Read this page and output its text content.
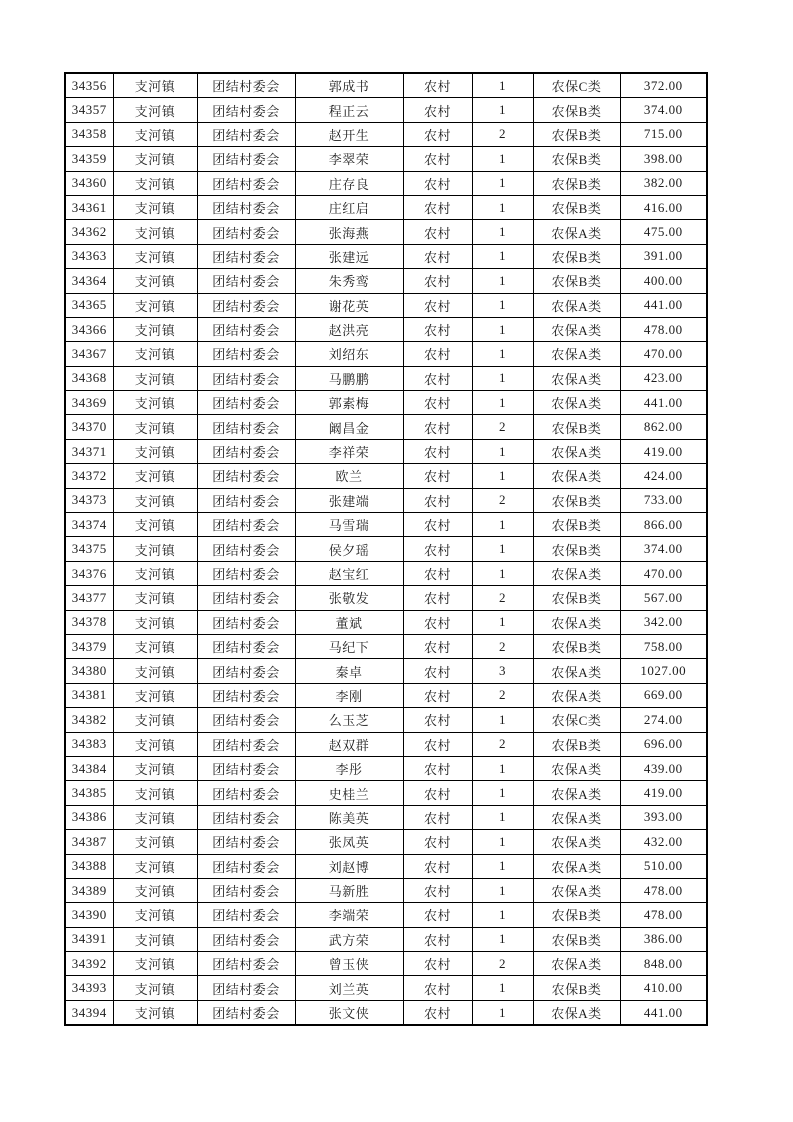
34356	支河镇	团结村委会	郭成书	农村	1	农保C类	372.00
34357	支河镇	团结村委会	程正云	农村	1	农保B类	374.00
34358	支河镇	团结村委会	赵开生	农村	2	农保B类	715.00
34359	支河镇	团结村委会	李翠荣	农村	1	农保B类	398.00
34360	支河镇	团结村委会	庄存良	农村	1	农保B类	382.00
34361	支河镇	团结村委会	庄红启	农村	1	农保B类	416.00
34362	支河镇	团结村委会	张海燕	农村	1	农保A类	475.00
34363	支河镇	团结村委会	张建远	农村	1	农保B类	391.00
34364	支河镇	团结村委会	朱秀鸾	农村	1	农保B类	400.00
34365	支河镇	团结村委会	谢花英	农村	1	农保A类	441.00
34366	支河镇	团结村委会	赵洪亮	农村	1	农保A类	478.00
34367	支河镇	团结村委会	刘绍东	农村	1	农保A类	470.00
34368	支河镇	团结村委会	马鹏鹏	农村	1	农保A类	423.00
34369	支河镇	团结村委会	郭素梅	农村	1	农保A类	441.00
34370	支河镇	团结村委会	阚昌金	农村	2	农保B类	862.00
34371	支河镇	团结村委会	李祥荣	农村	1	农保A类	419.00
34372	支河镇	团结村委会	欧兰	农村	1	农保A类	424.00
34373	支河镇	团结村委会	张建端	农村	2	农保B类	733.00
34374	支河镇	团结村委会	马雪瑞	农村	1	农保B类	866.00
34375	支河镇	团结村委会	侯夕瑶	农村	1	农保B类	374.00
34376	支河镇	团结村委会	赵宝红	农村	1	农保A类	470.00
34377	支河镇	团结村委会	张敬发	农村	2	农保B类	567.00
34378	支河镇	团结村委会	董斌	农村	1	农保A类	342.00
34379	支河镇	团结村委会	马纪下	农村	2	农保B类	758.00
34380	支河镇	团结村委会	秦卓	农村	3	农保A类	1027.00
34381	支河镇	团结村委会	李刚	农村	2	农保A类	669.00
34382	支河镇	团结村委会	么玉芝	农村	1	农保C类	274.00
34383	支河镇	团结村委会	赵双群	农村	2	农保B类	696.00
34384	支河镇	团结村委会	李彤	农村	1	农保A类	439.00
34385	支河镇	团结村委会	史桂兰	农村	1	农保A类	419.00
34386	支河镇	团结村委会	陈美英	农村	1	农保A类	393.00
34387	支河镇	团结村委会	张凤英	农村	1	农保A类	432.00
34388	支河镇	团结村委会	刘赵博	农村	1	农保A类	510.00
34389	支河镇	团结村委会	马新胜	农村	1	农保A类	478.00
34390	支河镇	团结村委会	李端荣	农村	1	农保B类	478.00
34391	支河镇	团结村委会	武方荣	农村	1	农保B类	386.00
34392	支河镇	团结村委会	曾玉侠	农村	2	农保A类	848.00
34393	支河镇	团结村委会	刘兰英	农村	1	农保B类	410.00
34394	支河镇	团结村委会	张文侠	农村	1	农保A类	441.00
